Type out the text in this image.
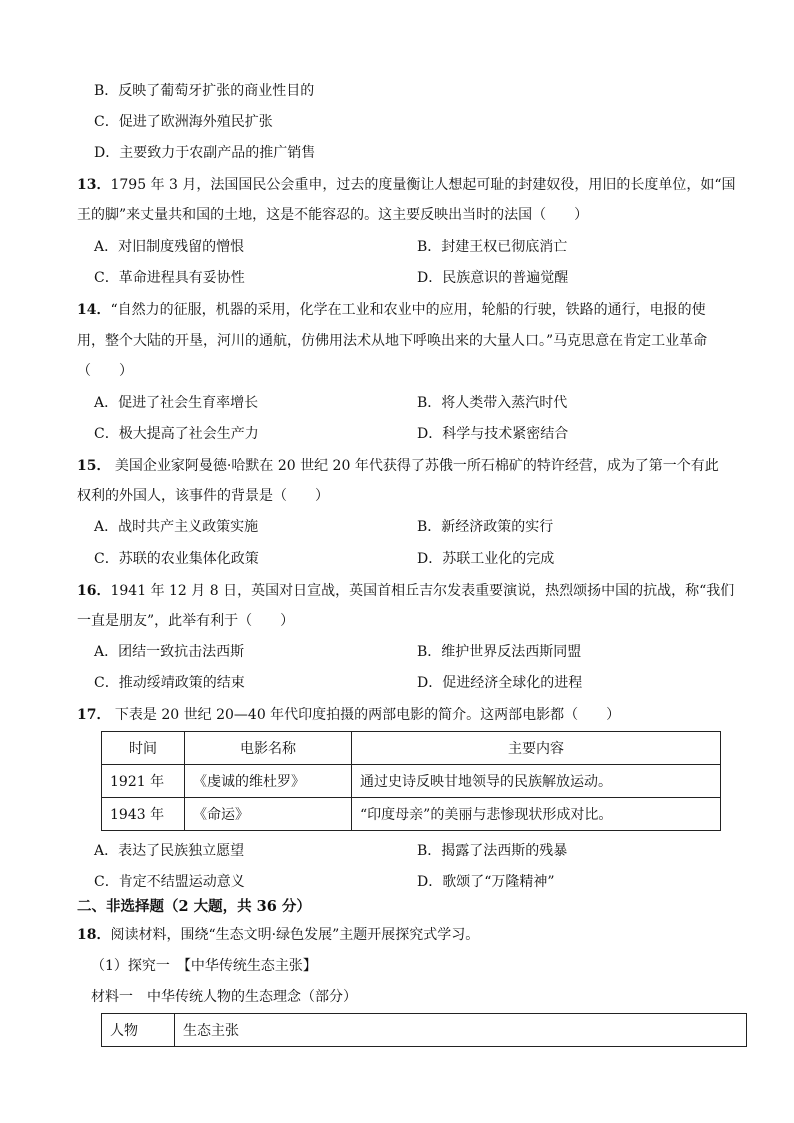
B．反映了葡萄牙扩张的商业性目的
C．促进了欧洲海外殖民扩张
D．主要致力于农副产品的推广销售
13．1795 年 3 月，法国国民公会重申，过去的度量衡让人想起可耻的封建奴役，用旧的长度单位，如“国
王的脚”来丈量共和国的土地，这是不能容忍的。这主要反映出当时的法国（　　）
A．对旧制度残留的憎恨	B．封建王权已彻底消亡
C．革命进程具有妥协性	D．民族意识的普遍觉醒
14．“自然力的征服，机器的采用，化学在工业和农业中的应用，轮船的行驶，铁路的通行，电报的使
用，整个大陆的开垦，河川的通航，仿佛用法术从地下呼唤出来的大量人口。”马克思意在肯定工业革命
（　　）
A．促进了社会生育率增长	B．将人类带入蒸汽时代
C．极大提高了社会生产力	D．科学与技术紧密结合
15． 美国企业家阿曼德·哈默在 20 世纪 20 年代获得了苏俄一所石棉矿的特许经营，成为了第一个有此
权利的外国人，该事件的背景是（　　）
A．战时共产主义政策实施	B．新经济政策的实行
C．苏联的农业集体化政策	D．苏联工业化的完成
16．1941 年 12 月 8 日，英国对日宣战，英国首相丘吉尔发表重要演说，热烈颂扬中国的抗战，称“我们
一直是朋友”，此举有利于（　　）
A．团结一致抗击法西斯	B．维护世界反法西斯同盟
C．推动绥靖政策的结束	D．促进经济全球化的进程
17． 下表是 20 世纪 20—40 年代印度拍摄的两部电影的简介。这两部电影都（　　）
时间	电影名称	主要内容
1921 年	《虔诚的维杜罗》	通过史诗反映甘地领导的民族解放运动。
1943 年	《命运》	“印度母亲”的美丽与悲惨现状形成对比。
A．表达了民族独立愿望	B．揭露了法西斯的残暴
C．肯定不结盟运动意义	D．歌颂了“万隆精神”
二、非选择题（2 大题，共 36 分）
18．阅读材料，围绕“生态文明·绿色发展”主题开展探究式学习。
（1）探究一　【中华传统生态主张】
材料一　中华传统人物的生态理念（部分）
人物	生态主张
